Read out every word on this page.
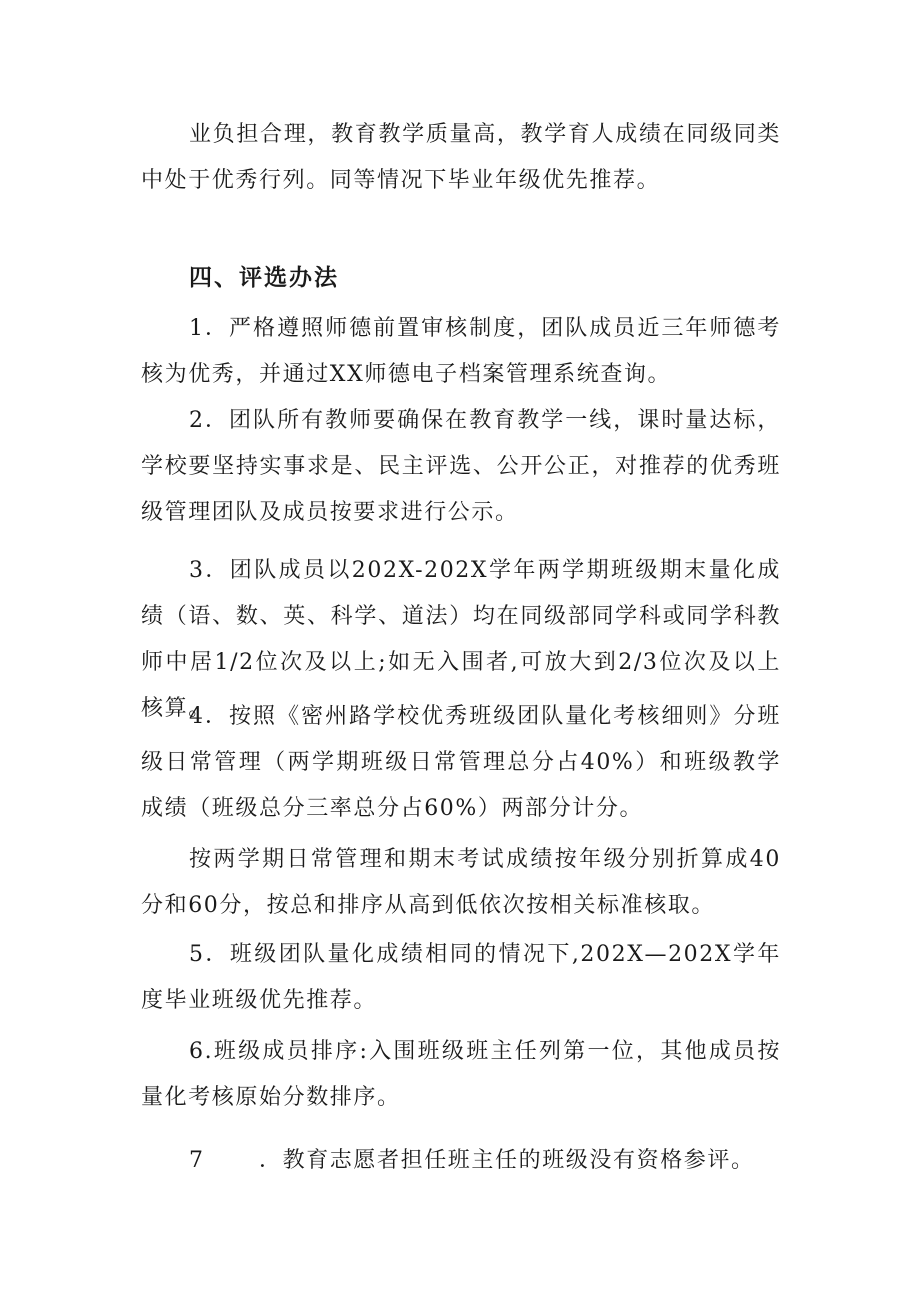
业负担合理，教育教学质量高，教学育人成绩在同级同类中处于优秀行列。同等情况下毕业年级优先推荐。

四、评选办法

1．严格遵照师德前置审核制度，团队成员近三年师德考核为优秀，并通过XX师德电子档案管理系统查询。

2．团队所有教师要确保在教育教学一线，课时量达标，学校要坚持实事求是、民主评选、公开公正，对推荐的优秀班级管理团队及成员按要求进行公示。

3．团队成员以202X-202X学年两学期班级期末量化成绩（语、数、英、科学、道法）均在同级部同学科或同学科教师中居1/2位次及以上;如无入围者,可放大到2/3位次及以上核算。

4．按照《密州路学校优秀班级团队量化考核细则》分班级日常管理（两学期班级日常管理总分占40%）和班级教学成绩（班级总分三率总分占60%）两部分计分。

按两学期日常管理和期末考试成绩按年级分别折算成40分和60分，按总和排序从高到低依次按相关标准核取。

5．班级团队量化成绩相同的情况下,202X—202X学年度毕业班级优先推荐。

6.班级成员排序:入围班级班主任列第一位，其他成员按量化考核原始分数排序。

7 ．教育志愿者担任班主任的班级没有资格参评。
